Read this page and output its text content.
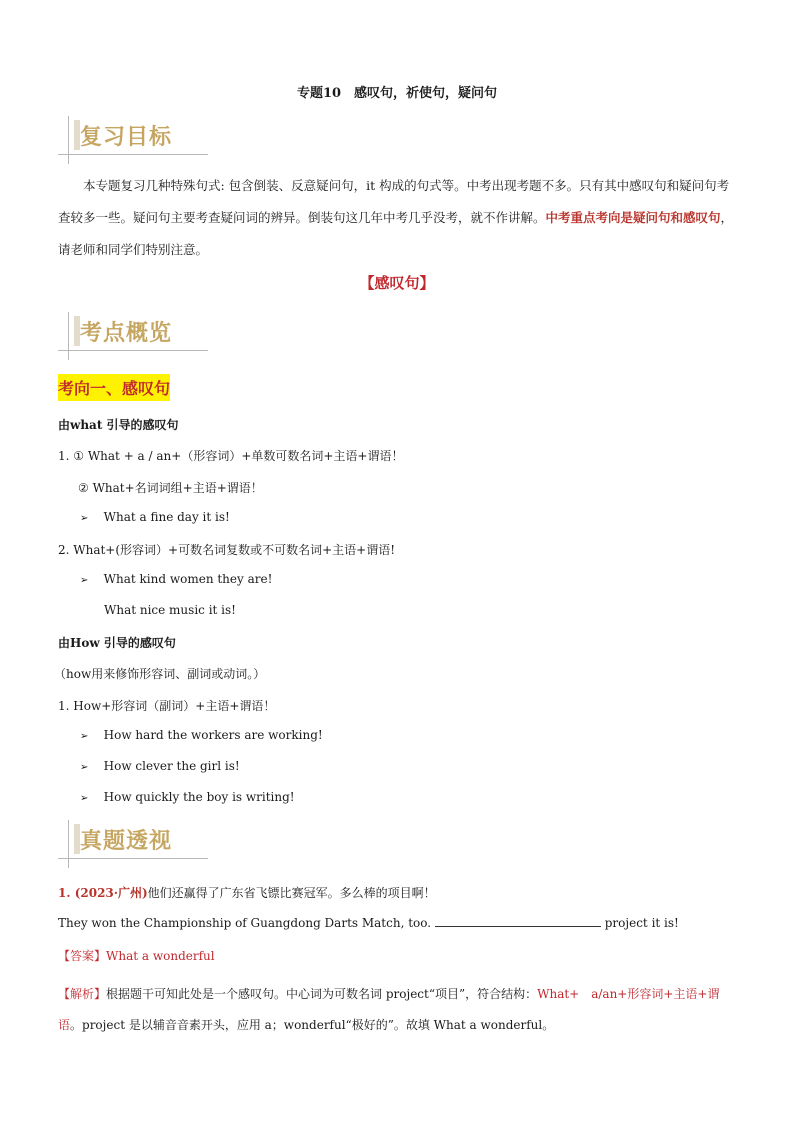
专题10　感叹句，祈使句，疑问句
复习目标
本专题复习几种特殊句式: 包含倒装、反意疑问句，it 构成的句式等。中考出现考题不多。只有其中感叹句和疑问句考查较多一些。疑问句主要考查疑问词的辨异。倒装句这几年中考几乎没考，就不作讲解。中考重点考向是疑问句和感叹句，请老师和同学们特别注意。
【感叹句】
考点概览
考向一、感叹句
由what 引导的感叹句
1. ① What + a / an+（形容词）+单数可数名词+主语+谓语！
② What+名词词组+主语+谓语！
➢ What a fine day it is!
2. What+(形容词）+可数名词复数或不可数名词+主语+谓语!
➢ What kind women they are!
What nice music it is!
由How 引导的感叹句
（how用来修饰形容词、副词或动词。）
1. How+形容词（副词）+主语+谓语！
➢ How hard the workers are working!
➢ How clever the girl is!
➢ How quickly the boy is writing!
真题透视
1. (2023·广州)他们还赢得了广东省飞镖比赛冠军。多么棒的项目啊！
They won the Championship of Guangdong Darts Match, too.	project it is!
【答案】What a wonderful
【解析】根据题干可知此处是一个感叹句。中心词为可数名词 project“项目”，符合结构：What+　a/an+形容词+主语+谓语。project 是以辅音音素开头，应用 a；wonderful“极好的”。故填 What a wonderful。
